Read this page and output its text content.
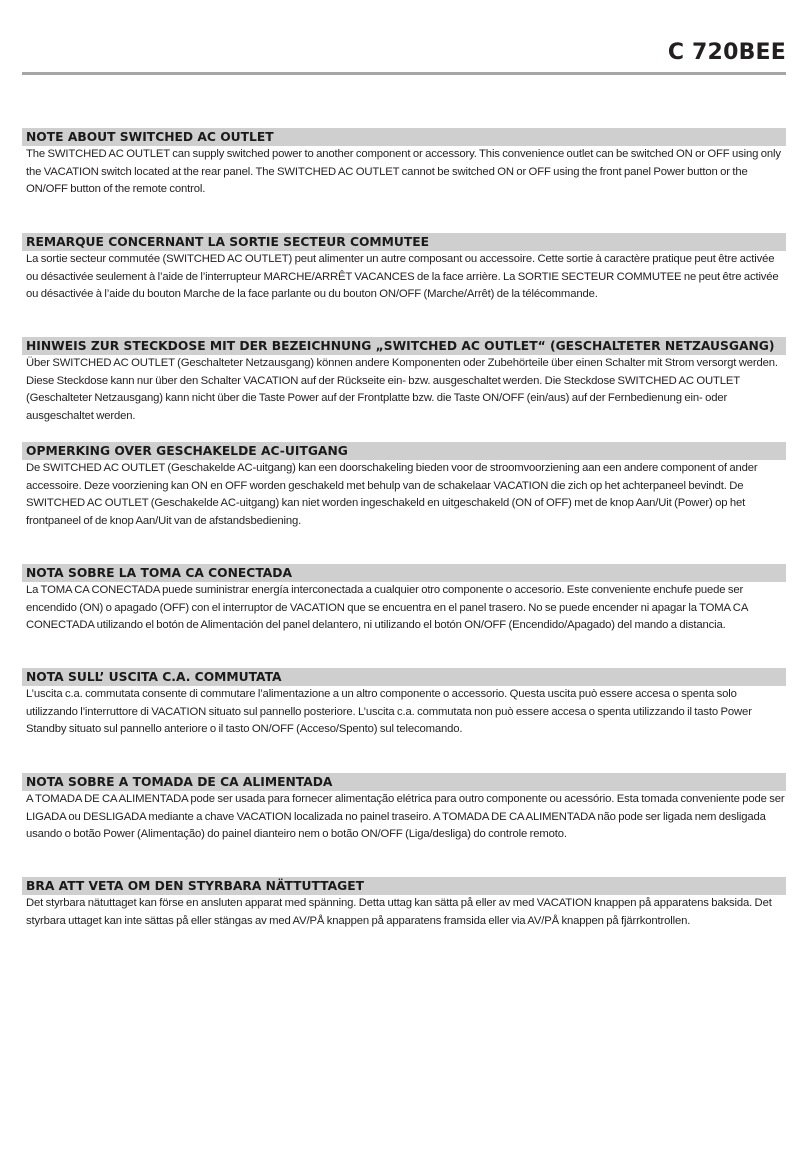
C 720BEE
NOTE ABOUT SWITCHED AC OUTLET

The SWITCHED AC OUTLET can supply switched power to another component or accessory. This convenience outlet can be switched ON or OFF using only the VACATION switch located at the rear panel. The SWITCHED AC OUTLET cannot be switched ON or OFF using the front panel Power button or the ON/OFF button of the remote control.

REMARQUE CONCERNANT LA SORTIE SECTEUR COMMUTEE

La sortie secteur commutée (SWITCHED AC OUTLET) peut alimenter un autre composant ou accessoire. Cette sortie à caractère pratique peut être activée ou désactivée seulement à l’aide de l’interrupteur MARCHE/ARRÊT VACANCES de la face arrière. La SORTIE SECTEUR COMMUTEE ne peut être activée ou désactivée à l’aide du bouton Marche de la face parlante ou du bouton ON/OFF (Marche/Arrêt) de la télécommande.

HINWEIS ZUR STECKDOSE MIT DER BEZEICHNUNG „SWITCHED AC OUTLET“ (GESCHALTETER NETZAUSGANG)

Über SWITCHED AC OUTLET (Geschalteter Netzausgang) können andere Komponenten oder Zubehörteile über einen Schalter mit Strom versorgt werden. Diese Steckdose kann nur über den Schalter VACATION auf der Rückseite ein- bzw. ausgeschaltet werden. Die Steckdose SWITCHED AC OUTLET (Geschalteter Netzausgang) kann nicht über die Taste Power auf der Frontplatte bzw. die Taste ON/OFF (ein/aus) auf der Fernbedienung ein- oder ausgeschaltet werden.

OPMERKING OVER GESCHAKELDE AC-UITGANG

De SWITCHED AC OUTLET (Geschakelde AC-uitgang) kan een doorschakeling bieden voor de stroomvoorziening aan een andere component of ander accessoire. Deze voorziening kan ON en OFF worden geschakeld met behulp van de schakelaar VACATION die zich op het achterpaneel bevindt. De SWITCHED AC OUTLET (Geschakelde AC-uitgang) kan niet worden ingeschakeld en uitgeschakeld (ON of OFF) met de knop Aan/Uit (Power) op het frontpaneel of de knop Aan/Uit van de afstandsbediening.

NOTA SOBRE LA TOMA CA CONECTADA

La TOMA CA CONECTADA puede suministrar energía interconectada a cualquier otro componente o accesorio. Este conveniente enchufe puede ser encendido (ON) o apagado (OFF) con el interruptor de VACATION que se encuentra en el panel trasero. No se puede encender ni apagar la TOMA CA CONECTADA utilizando el botón de Alimentación del panel delantero, ni utilizando el botón ON/OFF (Encendido/Apagado) del mando a distancia.

NOTA SULL’ USCITA C.A. COMMUTATA

L’uscita c.a. commutata consente di commutare l’alimentazione a un altro componente o accessorio. Questa uscita può essere accesa o spenta solo utilizzando l’interruttore di VACATION situato sul pannello posteriore. L’uscita c.a. commutata non può essere accesa o spenta utilizzando il tasto Power Standby situato sul pannello anteriore o il tasto ON/OFF (Acceso/Spento) sul telecomando.

NOTA SOBRE A TOMADA DE CA ALIMENTADA

A TOMADA DE CA ALIMENTADA pode ser usada para fornecer alimentação elétrica para outro componente ou acessório. Esta tomada conveniente pode ser LIGADA ou DESLIGADA mediante a chave VACATION localizada no painel traseiro. A TOMADA DE CA ALIMENTADA não pode ser ligada nem desligada usando o botão Power (Alimentação) do painel dianteiro nem o botão ON/OFF (Liga/desliga) do controle remoto.

BRA ATT VETA OM DEN STYRBARA NÄTTUTTAGET

Det styrbara nätuttaget kan förse en ansluten apparat med spänning. Detta uttag kan sätta på eller av med VACATION knappen på apparatens baksida. Det styrbara uttaget kan inte sättas på eller stängas av med AV/PÅ knappen på apparatens framsida eller via AV/PÅ knappen på fjärrkontrollen.
